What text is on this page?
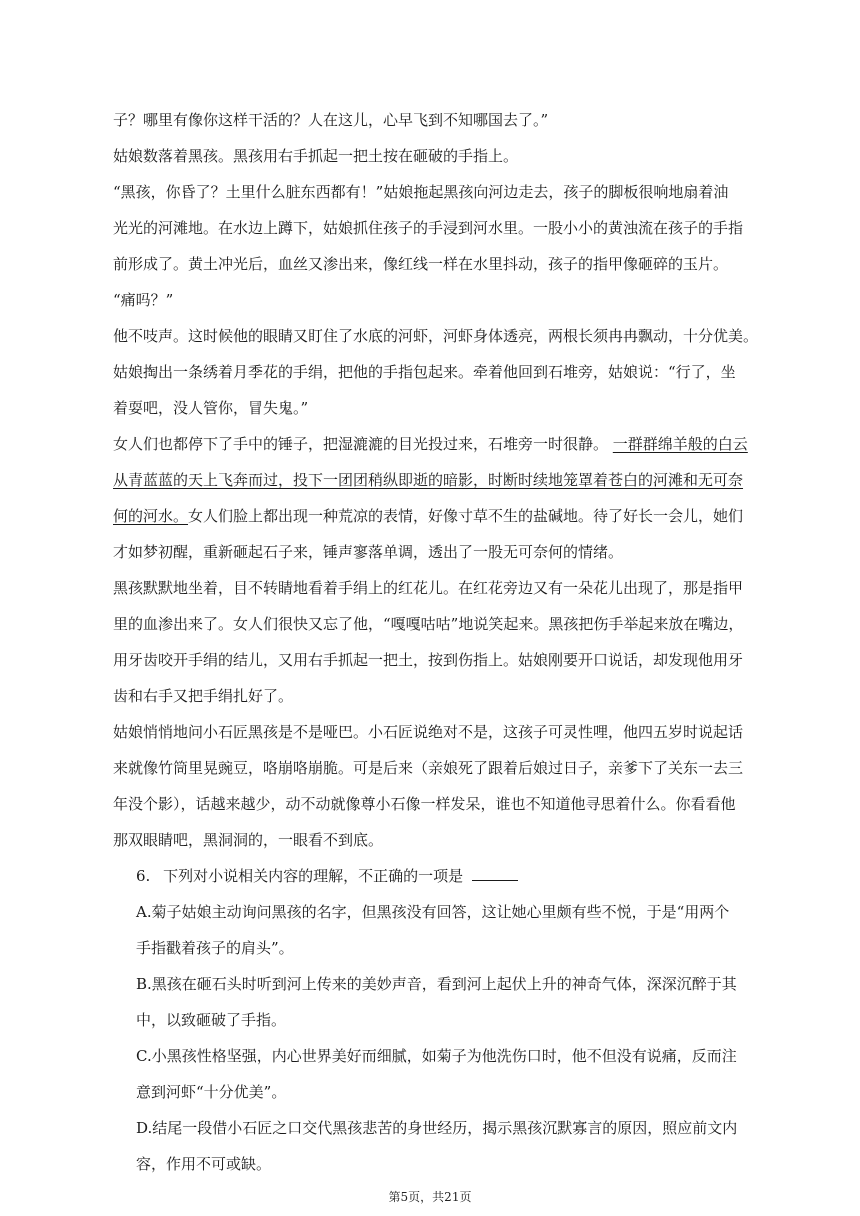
子？哪里有像你这样干活的？人在这儿，心早飞到不知哪国去了。”
姑娘数落着黑孩。黑孩用右手抓起一把土按在砸破的手指上。
“黑孩，你昏了？土里什么脏东西都有！”姑娘拖起黑孩向河边走去，孩子的脚板很响地扇着油
光光的河滩地。在水边上蹲下，姑娘抓住孩子的手浸到河水里。一股小小的黄浊流在孩子的手指
前形成了。黄土冲光后，血丝又渗出来，像红线一样在水里抖动，孩子的指甲像砸碎的玉片。
“痛吗？”
他不吱声。这时候他的眼睛又盯住了水底的河虾，河虾身体透亮，两根长须冉冉飘动，十分优美。
姑娘掏出一条绣着月季花的手绢，把他的手指包起来。牵着他回到石堆旁，姑娘说：“行了，坐
着耍吧，没人管你，冒失鬼。”
女人们也都停下了手中的锤子，把湿漉漉的目光投过来，石堆旁一时很静。 一群群绵羊般的白云
从青蓝蓝的天上飞奔而过，投下一团团稍纵即逝的暗影，时断时续地笼罩着苍白的河滩和无可奈
何的河水。女人们脸上都出现一种荒凉的表情，好像寸草不生的盐碱地。待了好长一会儿，她们
才如梦初醒，重新砸起石子来，锤声寥落单调，透出了一股无可奈何的情绪。
黑孩默默地坐着，目不转睛地看着手绢上的红花儿。在红花旁边又有一朵花儿出现了，那是指甲
里的血渗出来了。女人们很快又忘了他，“嘎嘎咕咕”地说笑起来。黑孩把伤手举起来放在嘴边，
用牙齿咬开手绢的结儿，又用右手抓起一把土，按到伤指上。姑娘刚要开口说话，却发现他用牙
齿和右手又把手绢扎好了。
姑娘悄悄地问小石匠黑孩是不是哑巴。小石匠说绝对不是，这孩子可灵性哩，他四五岁时说起话
来就像竹筒里晃豌豆，咯崩咯崩脆。可是后来（亲娘死了跟着后娘过日子，亲爹下了关东一去三
年没个影），话越来越少，动不动就像尊小石像一样发呆，谁也不知道他寻思着什么。你看看他
那双眼睛吧，黑洞洞的，一眼看不到底。
6. 下列对小说相关内容的理解，不正确的一项是
A.菊子姑娘主动询问黑孩的名字，但黑孩没有回答，这让她心里颇有些不悦，于是“用两个
手指戳着孩子的肩头”。
B.黑孩在砸石头时听到河上传来的美妙声音，看到河上起伏上升的神奇气体，深深沉醉于其
中，以致砸破了手指。
C.小黑孩性格坚强，内心世界美好而细腻，如菊子为他洗伤口时，他不但没有说痛，反而注
意到河虾“十分优美”。
D.结尾一段借小石匠之口交代黑孩悲苦的身世经历，揭示黑孩沉默寡言的原因，照应前文内
容，作用不可或缺。
第5页，共21页
